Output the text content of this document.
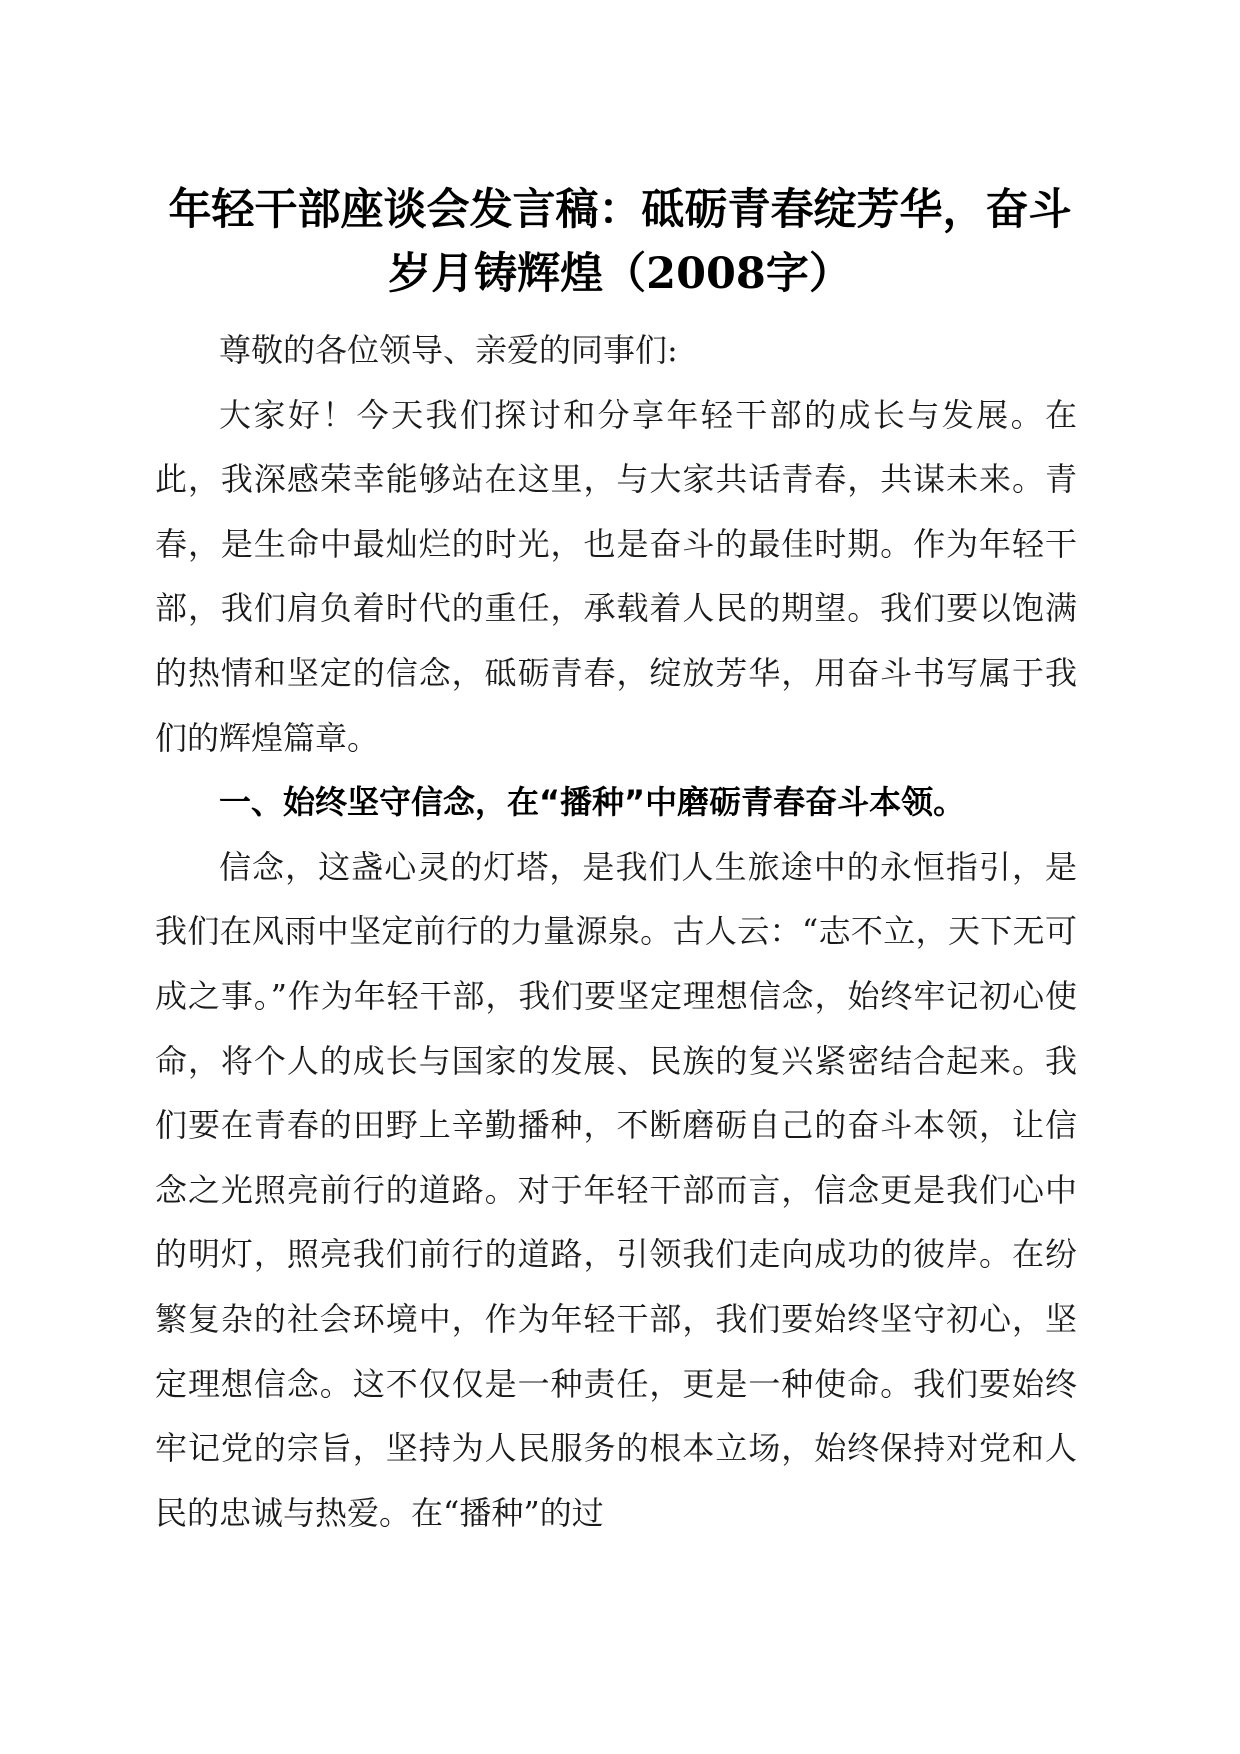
年轻干部座谈会发言稿：砥砺青春绽芳华，奋斗岁月铸辉煌（2008字）

尊敬的各位领导、亲爱的同事们:

大家好！今天我们探讨和分享年轻干部的成长与发展。在此，我深感荣幸能够站在这里，与大家共话青春，共谋未来。青春，是生命中最灿烂的时光，也是奋斗的最佳时期。作为年轻干部，我们肩负着时代的重任，承载着人民的期望。我们要以饱满的热情和坚定的信念，砥砺青春，绽放芳华，用奋斗书写属于我们的辉煌篇章。

一、始终坚守信念，在“播种”中磨砺青春奋斗本领。

信念，这盏心灵的灯塔，是我们人生旅途中的永恒指引，是我们在风雨中坚定前行的力量源泉。古人云：“志不立，天下无可成之事。”作为年轻干部，我们要坚定理想信念，始终牢记初心使命，将个人的成长与国家的发展、民族的复兴紧密结合起来。我们要在青春的田野上辛勤播种，不断磨砺自己的奋斗本领，让信念之光照亮前行的道路。对于年轻干部而言，信念更是我们心中的明灯，照亮我们前行的道路，引领我们走向成功的彼岸。在纷繁复杂的社会环境中，作为年轻干部，我们要始终坚守初心，坚定理想信念。这不仅仅是一种责任，更是一种使命。我们要始终牢记党的宗旨，坚持为人民服务的根本立场，始终保持对党和人民的忠诚与热爱。在“播种”的过
